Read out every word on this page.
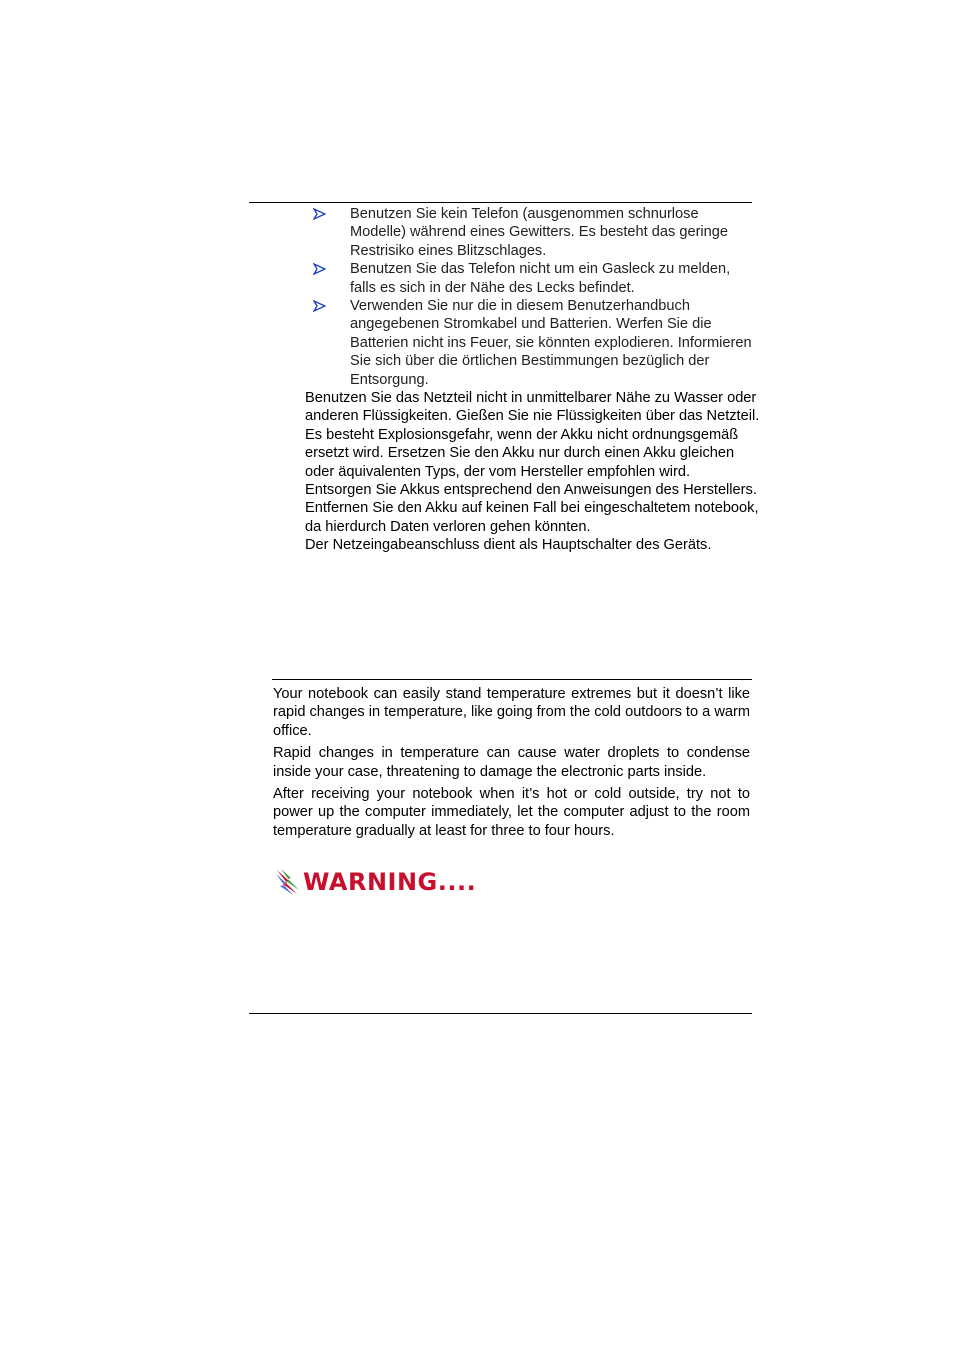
Benutzen Sie kein Telefon (ausgenommen schnurlose Modelle) während eines Gewitters. Es besteht das geringe Restrisiko eines Blitzschlages.
Benutzen Sie das Telefon nicht um ein Gasleck zu melden, falls es sich in der Nähe des Lecks befindet.
Verwenden Sie nur die in diesem Benutzerhandbuch angegebenen Stromkabel und Batterien. Werfen Sie die Batterien nicht ins Feuer, sie könnten explodieren. Informieren Sie sich über die örtlichen Bestimmungen bezüglich der Entsorgung.

Benutzen Sie das Netzteil nicht in unmittelbarer Nähe zu Wasser oder anderen Flüssigkeiten. Gießen Sie nie Flüssigkeiten über das Netzteil.

Es besteht Explosionsgefahr, wenn der Akku nicht ordnungsgemäß ersetzt wird. Ersetzen Sie den Akku nur durch einen Akku gleichen oder äquivalenten Typs, der vom Hersteller empfohlen wird. Entsorgen Sie Akkus entsprechend den Anweisungen des Herstellers. Entfernen Sie den Akku auf keinen Fall bei eingeschaltetem notebook, da hierdurch Daten verloren gehen könnten.

Der Netzeingabeanschluss dient als Hauptschalter des Geräts.

Your notebook can easily stand temperature extremes but it doesn’t like rapid changes in temperature, like going from the cold outdoors to a warm office.

Rapid changes in temperature can cause water droplets to condense inside your case, threatening to damage the electronic parts inside.

After receiving your notebook when it’s hot or cold outside, try not to power up the computer immediately, let the computer adjust to the room temperature gradually at least for three to four hours.

WARNING....
